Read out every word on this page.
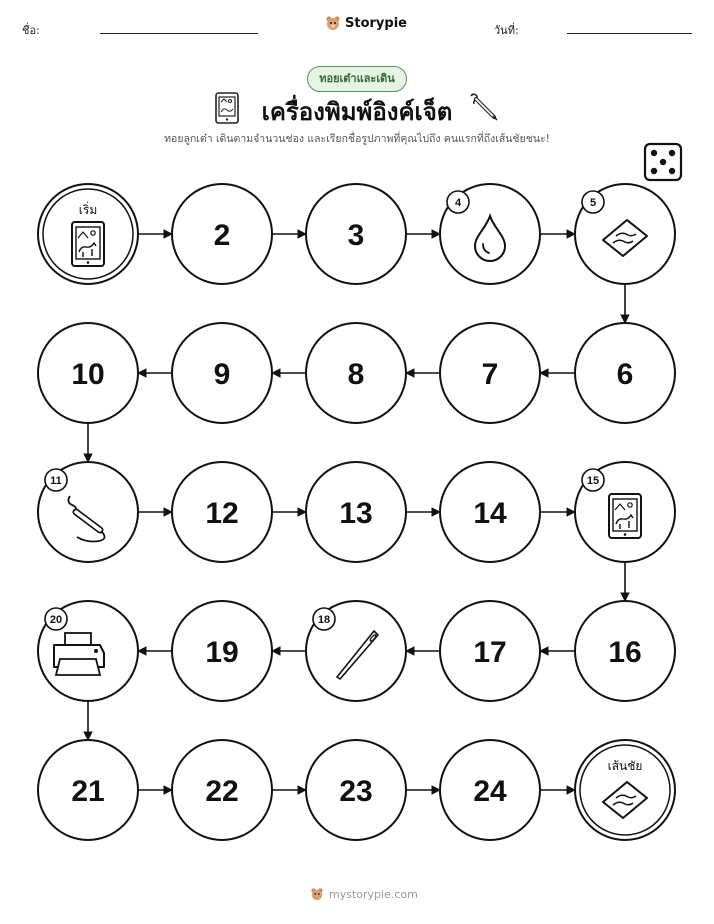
ชื่อ:	Storypie	วันที่:
ทอยเต๋าและเดิน
เครื่องพิมพ์อิงค์เจ็ต
ทอยลูกเต๋า เดินตามจำนวนช่อง และเรียกชื่อรูปภาพที่คุณไปถึง คนแรกที่ถึงเส้นชัยชนะ!
เริ่ม
2	3
4	5
10	9	8	7	6
11
12	13	14
15
20
19
18
17	16
21	22	23	24
เส้นชัย
mystorypie.com
